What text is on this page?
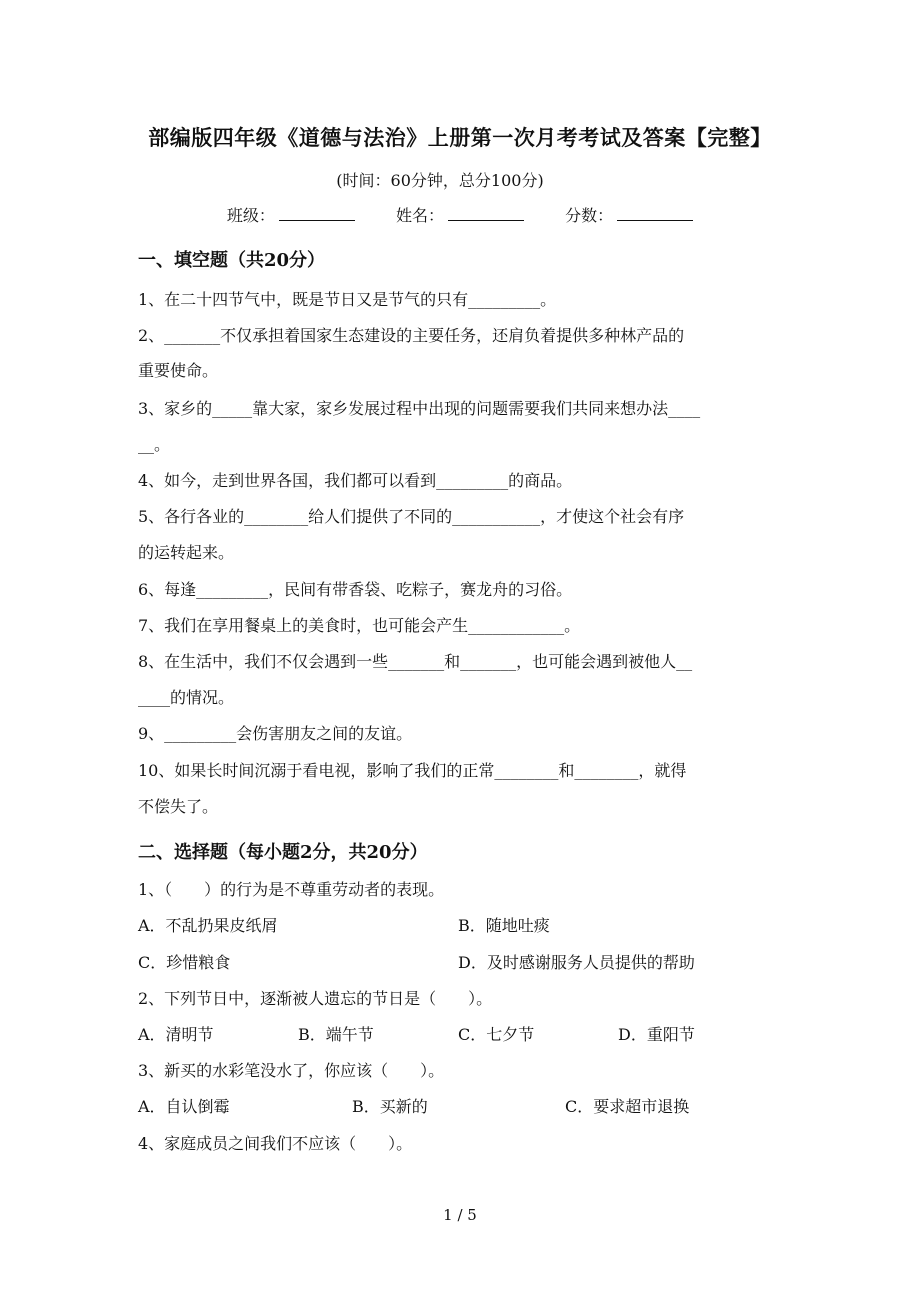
部编版四年级《道德与法治》上册第一次月考考试及答案【完整】
(时间：60分钟，总分100分)
班级：	姓名：	分数：
一、填空题（共20分）
1、在二十四节气中，既是节日又是节气的只有_________。
2、_______不仅承担着国家生态建设的主要任务，还肩负着提供多种林产品的
重要使命。
3、家乡的_____靠大家，家乡发展过程中出现的问题需要我们共同来想办法____
__。
4、如今，走到世界各国，我们都可以看到_________的商品。
5、各行各业的________给人们提供了不同的___________，才使这个社会有序
的运转起来。
6、每逢_________，民间有带香袋、吃粽子，赛龙舟的习俗。
7、我们在享用餐桌上的美食时，也可能会产生____________。
8、在生活中，我们不仅会遇到一些_______和_______，也可能会遇到被他人__
____的情况。
9、_________会伤害朋友之间的友谊。
10、如果长时间沉溺于看电视，影响了我们的正常________和________，就得
不偿失了。
二、选择题（每小题2分，共20分）
1、（　　）的行为是不尊重劳动者的表现。
A．不乱扔果皮纸屑	B．随地吐痰
C．珍惜粮食	D．及时感谢服务人员提供的帮助
2、下列节日中，逐渐被人遗忘的节日是（　　）。
A．清明节	B．端午节	C．七夕节	D．重阳节
3、新买的水彩笔没水了，你应该（　　）。
A．自认倒霉	B．买新的	C．要求超市退换
4、家庭成员之间我们不应该（　　）。
1 / 5
